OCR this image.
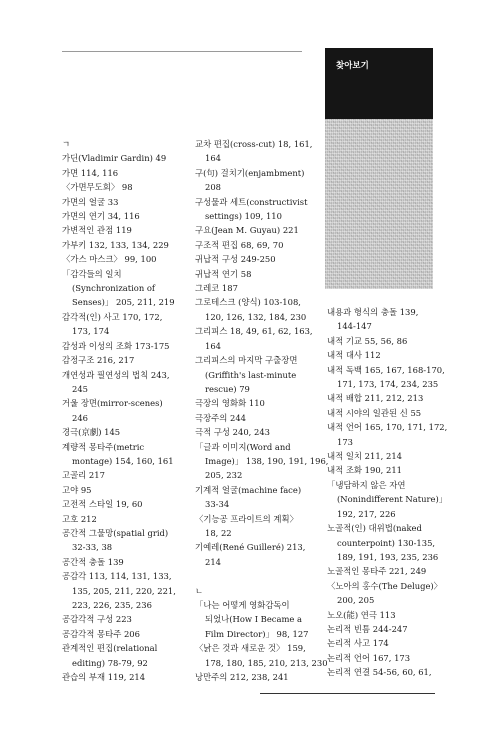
찾아보기
ㄱ
가딘(Vladimir Gardin) 49
가면 114, 116
〈가면무도회〉 98
가면의 얼굴 33
가면의 연기 34, 116
가변적인 관점 119
가부키 132, 133, 134, 229
〈가스 마스크〉 99, 100
「감각들의 일치
(Synchronization of
Senses)」 205, 211, 219
감각적(인) 사고 170, 172,
173, 174
감성과 이성의 조화 173-175
감정구조 216, 217
개연성과 필연성의 법칙 243,
245
거울 장면(mirror-scenes)
246
경극(京劇) 145
계량적 몽타주(metric
montage) 154, 160, 161
고골리 217
고야 95
고전적 스타일 19, 60
고호 212
공간적 그물망(spatial grid)
32-33, 38
공간적 충돌 139
공감각 113, 114, 131, 133,
135, 205, 211, 220, 221,
223, 226, 235, 236
공감각적 구성 223
공감각적 몽타주 206
관계적인 편집(relational
editing) 78-79, 92
관습의 부재 119, 214
교차 편집(cross-cut) 18, 161,
164
구(句) 걸치기(enjambment)
208
구성물과 세트(constructivist
settings) 109, 110
구요(Jean M. Guyau) 221
구조적 편집 68, 69, 70
귀납적 구성 249-250
귀납적 연기 58
그레코 187
그로테스크 (양식) 103-108,
120, 126, 132, 184, 230
그리피스 18, 49, 61, 62, 163,
164
그리피스의 마지막 구출장면
(Griffith's last-minute
rescue) 79
극장의 영화화 110
극장주의 244
극적 구성 240, 243
「글과 이미지(Word and
Image)」 138, 190, 191, 196,
205, 232
기계적 얼굴(machine face)
33-34
〈기능공 프라이트의 계획〉
18, 22
기예레(René Guilleré) 213,
214
ㄴ
「나는 어떻게 영화감독이
되었나(How I Became a
Film Director)」 98, 127
〈낡은 것과 새로운 것〉 159,
178, 180, 185, 210, 213, 230
낭만주의 212, 238, 241
내용과 형식의 충돌 139,
144-147
내적 기교 55, 56, 86
내적 대사 112
내적 독백 165, 167, 168-170,
171, 173, 174, 234, 235
내적 배합 211, 212, 213
내적 시야의 일관된 신 55
내적 언어 165, 170, 171, 172,
173
내적 일치 211, 214
내적 조화 190, 211
「냉담하지 않은 자연
(Nonindifferent Nature)」
192, 217, 226
노골적(인) 대위법(naked
counterpoint) 130-135,
189, 191, 193, 235, 236
노골적인 몽타주 221, 249
〈노아의 홍수(The Deluge)〉
200, 205
노오(能) 연극 113
논리적 빈틈 244-247
논리적 사고 174
논리적 언어 167, 173
논리적 연결 54-56, 60, 61,
